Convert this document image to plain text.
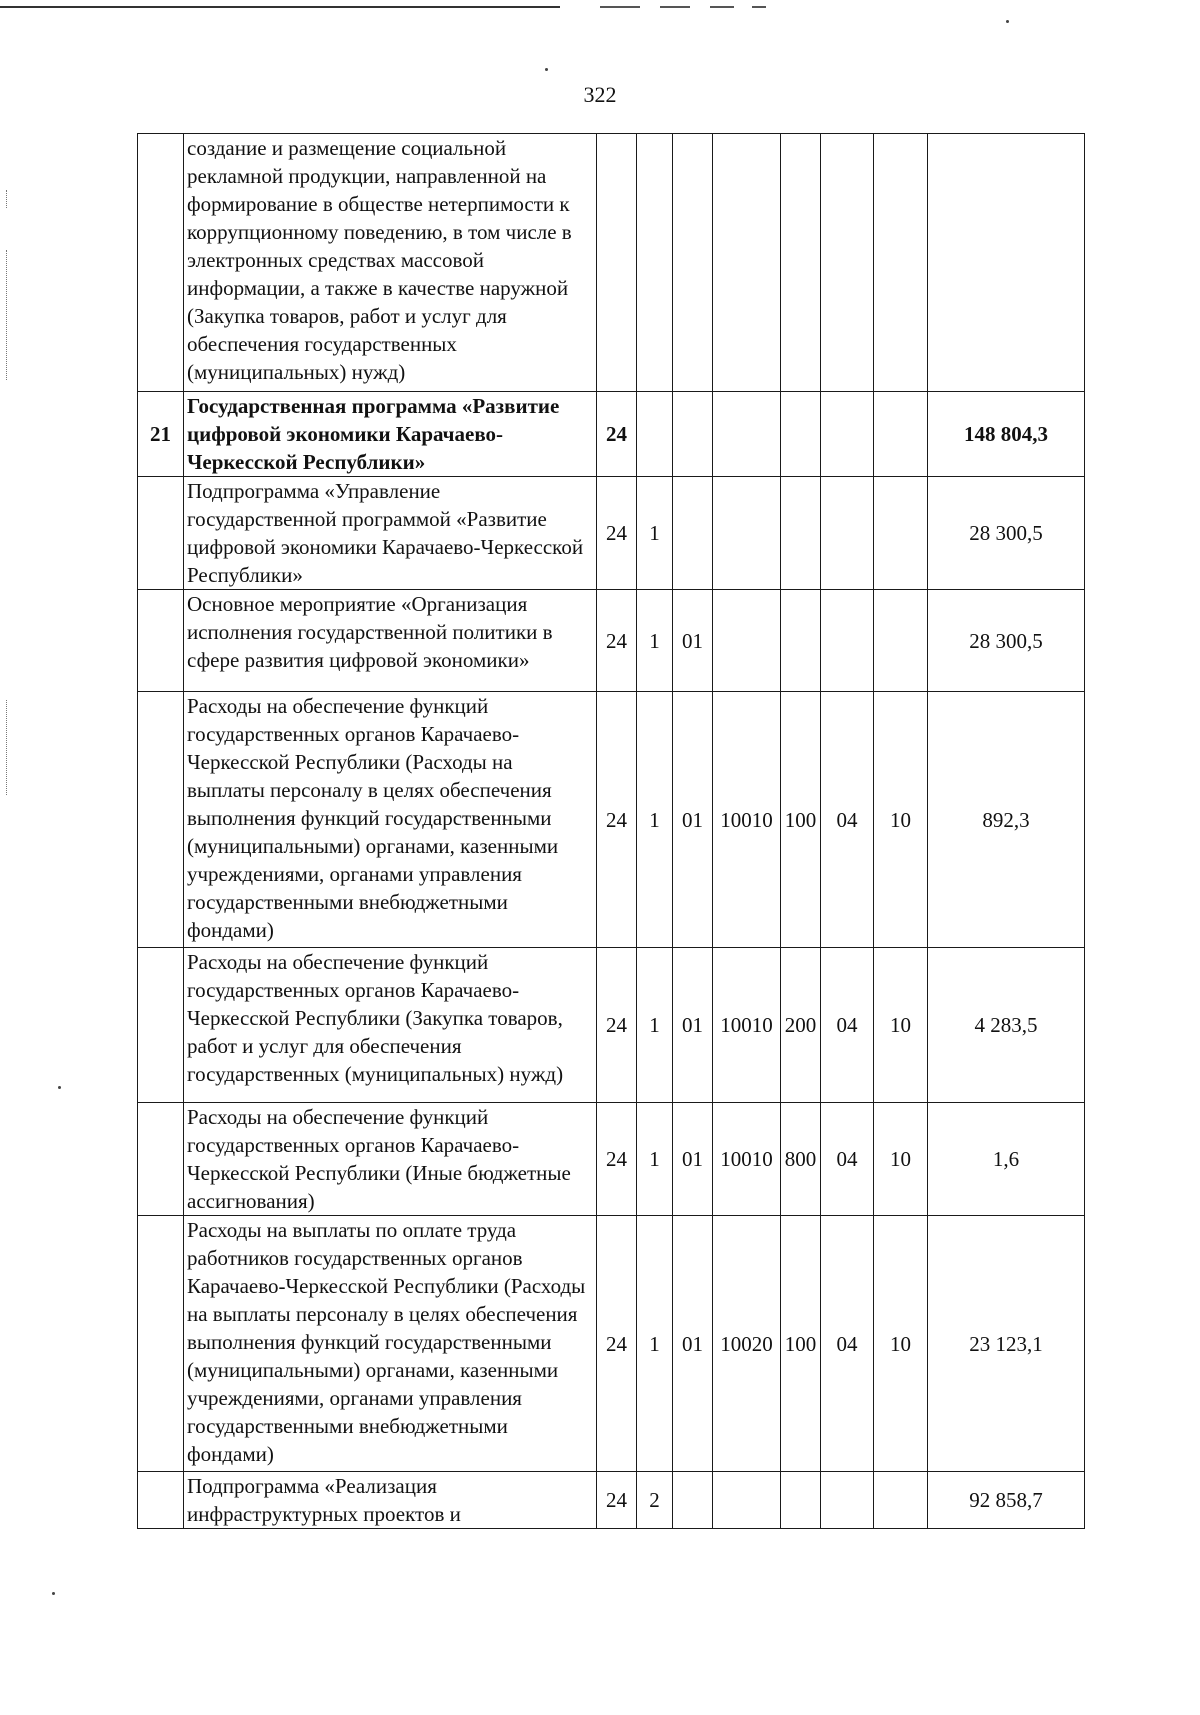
322
	создание и размещение социальной рекламной продукции, направленной на формирование в обществе нетерпимости к коррупционному поведению, в том числе в электронных средствах массовой информации, а также в качестве наружной (Закупка товаров, работ и услуг для обеспечения государственных (муниципальных) нужд)								
21	Государственная программа «Развитие цифровой экономики Карачаево-Черкесской Республики»	24							148 804,3
	Подпрограмма «Управление государственной программой «Развитие цифровой экономики Карачаево-Черкесской Республики»	24	1						28 300,5
	Основное мероприятие «Организация исполнения государственной политики в сфере развития цифровой экономики»	24	1	01					28 300,5
	Расходы на обеспечение функций государственных органов Карачаево-Черкесской Республики (Расходы на выплаты персоналу в целях обеспечения выполнения функций государственными (муниципальными) органами, казенными учреждениями, органами управления государственными внебюджетными фондами)	24	1	01	10010	100	04	10	892,3
	Расходы на обеспечение функций государственных органов Карачаево-Черкесской Республики (Закупка товаров, работ и услуг для обеспечения государственных (муниципальных) нужд)	24	1	01	10010	200	04	10	4 283,5
	Расходы на обеспечение функций государственных органов Карачаево-Черкесской Республики (Иные бюджетные ассигнования)	24	1	01	10010	800	04	10	1,6
	Расходы на выплаты по оплате труда работников государственных органов Карачаево-Черкесской Республики (Расходы на выплаты персоналу в целях обеспечения выполнения функций государственными (муниципальными) органами, казенными учреждениями, органами управления государственными внебюджетными фондами)	24	1	01	10020	100	04	10	23 123,1
	Подпрограмма «Реализация инфраструктурных проектов и	24	2						92 858,7
